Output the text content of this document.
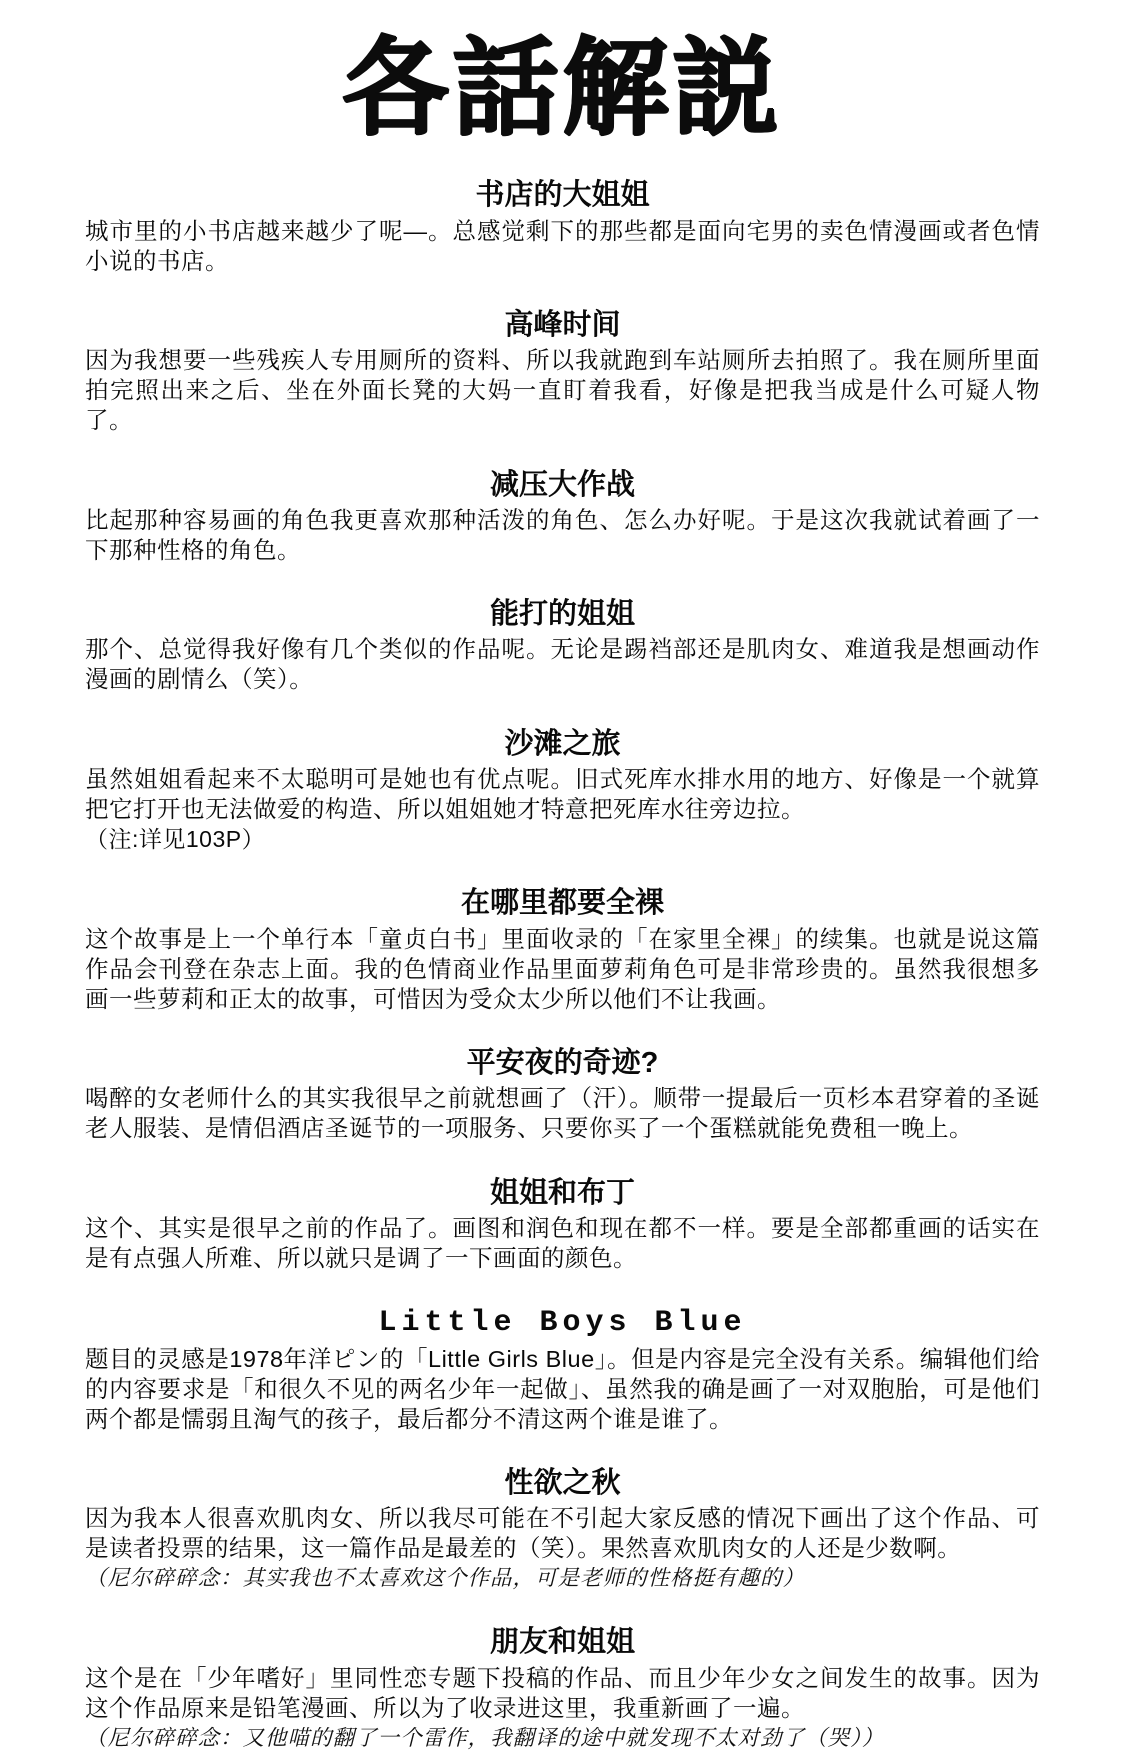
各話解説
书店的大姐姐

城市里的小书店越来越少了呢—。总感觉剩下的那些都是面向宅男的卖色情漫画或者色情小说的书店。

高峰时间

因为我想要一些残疾人专用厕所的资料、所以我就跑到车站厕所去拍照了。我在厕所里面拍完照出来之后、坐在外面长凳的大妈一直盯着我看，好像是把我当成是什么可疑人物了。

减压大作战

比起那种容易画的角色我更喜欢那种活泼的角色、怎么办好呢。于是这次我就试着画了一下那种性格的角色。

能打的姐姐

那个、总觉得我好像有几个类似的作品呢。无论是踢裆部还是肌肉女、难道我是想画动作漫画的剧情么（笑）。

沙滩之旅

虽然姐姐看起来不太聪明可是她也有优点呢。旧式死库水排水用的地方、好像是一个就算把它打开也无法做爱的构造、所以姐姐她才特意把死库水往旁边拉。

（注:详见103P）

在哪里都要全裸

这个故事是上一个单行本「童贞白书」里面收录的「在家里全裸」的续集。也就是说这篇作品会刊登在杂志上面。我的色情商业作品里面萝莉角色可是非常珍贵的。虽然我很想多画一些萝莉和正太的故事，可惜因为受众太少所以他们不让我画。

平安夜的奇迹?

喝醉的女老师什么的其实我很早之前就想画了（汗）。顺带一提最后一页杉本君穿着的圣诞老人服装、是情侣酒店圣诞节的一项服务、只要你买了一个蛋糕就能免费租一晚上。

姐姐和布丁

这个、其实是很早之前的作品了。画图和润色和现在都不一样。要是全部都重画的话实在是有点强人所难、所以就只是调了一下画面的颜色。

Little Boys Blue

题目的灵感是1978年洋ピン的「Little Girls Blue」。但是内容是完全没有关系。编辑他们给的内容要求是「和很久不见的两名少年一起做」、虽然我的确是画了一对双胞胎，可是他们两个都是懦弱且淘气的孩子，最后都分不清这两个谁是谁了。

性欲之秋

因为我本人很喜欢肌肉女、所以我尽可能在不引起大家反感的情况下画出了这个作品、可是读者投票的结果，这一篇作品是最差的（笑）。果然喜欢肌肉女的人还是少数啊。

（尼尔碎碎念：其实我也不太喜欢这个作品，可是老师的性格挺有趣的）

朋友和姐姐

这个是在「少年嗜好」里同性恋专题下投稿的作品、而且少年少女之间发生的故事。因为这个作品原来是铅笔漫画、所以为了收录进这里，我重新画了一遍。

（尼尔碎碎念：又他喵的翻了一个雷作，我翻译的途中就发现不太对劲了（哭））
